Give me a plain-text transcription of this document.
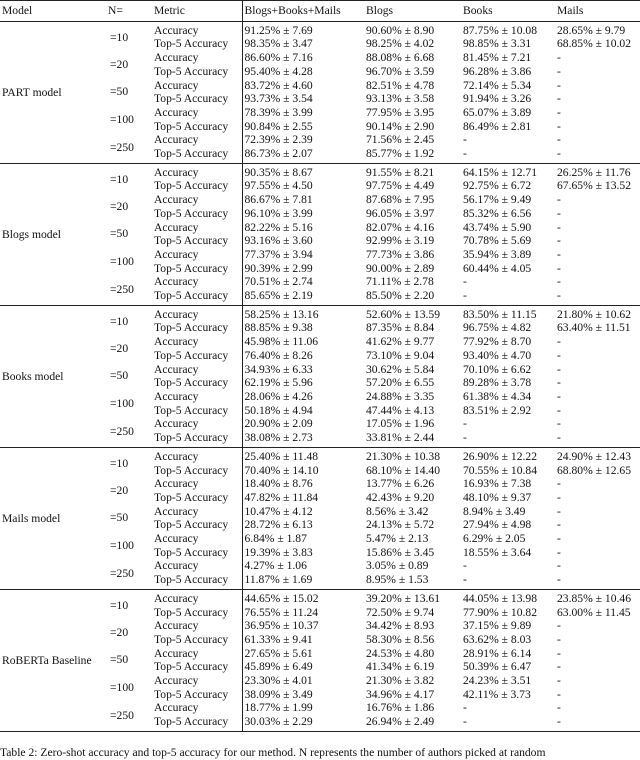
Model	N=	Metric	Blogs+Books+Mails	Blogs	Books	Mails
PART model	=10	Accuracy	91.25% ± 7.69	90.60% ± 8.90	87.75% ± 10.08	28.65% ± 9.79
		Top-5 Accuracy	98.35% ± 3.47	98.25% ± 4.02	98.85% ± 3.31	68.85% ± 10.02
	=20	Accuracy	86.60% ± 7.16	88.08% ± 6.68	81.45% ± 7.21	-
		Top-5 Accuracy	95.40% ± 4.28	96.70% ± 3.59	96.28% ± 3.86	-
	=50	Accuracy	83.72% ± 4.60	82.51% ± 4.78	72.14% ± 5.34	-
		Top-5 Accuracy	93.73% ± 3.54	93.13% ± 3.58	91.94% ± 3.26	-
	=100	Accuracy	78.39% ± 3.99	77.95% ± 3.95	65.07% ± 3.89	-
		Top-5 Accuracy	90.84% ± 2.55	90.14% ± 2.90	86.49% ± 2.81	-
	=250	Accuracy	72.39% ± 2.39	71.56% ± 2.45	-	-
		Top-5 Accuracy	86.73% ± 2.07	85.77% ± 1.92	-	-
Blogs model	=10	Accuracy	90.35% ± 8.67	91.55% ± 8.21	64.15% ± 12.71	26.25% ± 11.76
		Top-5 Accuracy	97.55% ± 4.50	97.75% ± 4.49	92.75% ± 6.72	67.65% ± 13.52
	=20	Accuracy	86.67% ± 7.81	87.68% ± 7.95	56.17% ± 9.49	-
		Top-5 Accuracy	96.10% ± 3.99	96.05% ± 3.97	85.32% ± 6.56	-
	=50	Accuracy	82.22% ± 5.16	82.07% ± 4.16	43.74% ± 5.90	-
		Top-5 Accuracy	93.16% ± 3.60	92.99% ± 3.19	70.78% ± 5.69	-
	=100	Accuracy	77.37% ± 3.94	77.73% ± 3.86	35.94% ± 3.89	-
		Top-5 Accuracy	90.39% ± 2.99	90.00% ± 2.89	60.44% ± 4.05	-
	=250	Accuracy	70.51% ± 2.74	71.11% ± 2.78	-	-
		Top-5 Accuracy	85.65% ± 2.19	85.50% ± 2.20	-	-
Books model	=10	Accuracy	58.25% ± 13.16	52.60% ± 13.59	83.50% ± 11.15	21.80% ± 10.62
		Top-5 Accuracy	88.85% ± 9.38	87.35% ± 8.84	96.75% ± 4.82	63.40% ± 11.51
	=20	Accuracy	45.98% ± 11.06	41.62% ± 9.77	77.92% ± 8.70	-
		Top-5 Accuracy	76.40% ± 8.26	73.10% ± 9.04	93.40% ± 4.70	-
	=50	Accuracy	34.93% ± 6.33	30.62% ± 5.84	70.10% ± 6.62	-
		Top-5 Accuracy	62.19% ± 5.96	57.20% ± 6.55	89.28% ± 3.78	-
	=100	Accuracy	28.06% ± 4.26	24.88% ± 3.35	61.38% ± 4.34	-
		Top-5 Accuracy	50.18% ± 4.94	47.44% ± 4.13	83.51% ± 2.92	-
	=250	Accuracy	20.90% ± 2.09	17.05% ± 1.96	-	-
		Top-5 Accuracy	38.08% ± 2.73	33.81% ± 2.44	-	-
Mails model	=10	Accuracy	25.40% ± 11.48	21.30% ± 10.38	26.90% ± 12.22	24.90% ± 12.43
		Top-5 Accuracy	70.40% ± 14.10	68.10% ± 14.40	70.55% ± 10.84	68.80% ± 12.65
	=20	Accuracy	18.40% ± 8.76	13.77% ± 6.26	16.93% ± 7.38	-
		Top-5 Accuracy	47.82% ± 11.84	42.43% ± 9.20	48.10% ± 9.37	-
	=50	Accuracy	10.47% ± 4.12	8.56% ± 3.42	8.94% ± 3.49	-
		Top-5 Accuracy	28.72% ± 6.13	24.13% ± 5.72	27.94% ± 4.98	-
	=100	Accuracy	6.84% ± 1.87	5.47% ± 2.13	6.29% ± 2.05	-
		Top-5 Accuracy	19.39% ± 3.83	15.86% ± 3.45	18.55% ± 3.64	-
	=250	Accuracy	4.27% ± 1.06	3.05% ± 0.89	-	-
		Top-5 Accuracy	11.87% ± 1.69	8.95% ± 1.53	-	-
RoBERTa Baseline	=10	Accuracy	44.65% ± 15.02	39.20% ± 13.61	44.05% ± 13.98	23.85% ± 10.46
		Top-5 Accuracy	76.55% ± 11.24	72.50% ± 9.74	77.90% ± 10.82	63.00% ± 11.45
	=20	Accuracy	36.95% ± 10.37	34.42% ± 8.93	37.15% ± 9.89	-
		Top-5 Accuracy	61.33% ± 9.41	58.30% ± 8.56	63.62% ± 8.03	-
	=50	Accuracy	27.65% ± 5.61	24.53% ± 4.80	28.91% ± 6.14	-
		Top-5 Accuracy	45.89% ± 6.49	41.34% ± 6.19	50.39% ± 6.47	-
	=100	Accuracy	23.30% ± 4.01	21.30% ± 3.82	24.23% ± 3.51	-
		Top-5 Accuracy	38.09% ± 3.49	34.96% ± 4.17	42.11% ± 3.73	-
	=250	Accuracy	18.77% ± 1.99	16.76% ± 1.86	-	-
		Top-5 Accuracy	30.03% ± 2.29	26.94% ± 2.49	-	-
Table 2: Zero-shot accuracy and top-5 accuracy for our method. N represents the number of authors picked at random
